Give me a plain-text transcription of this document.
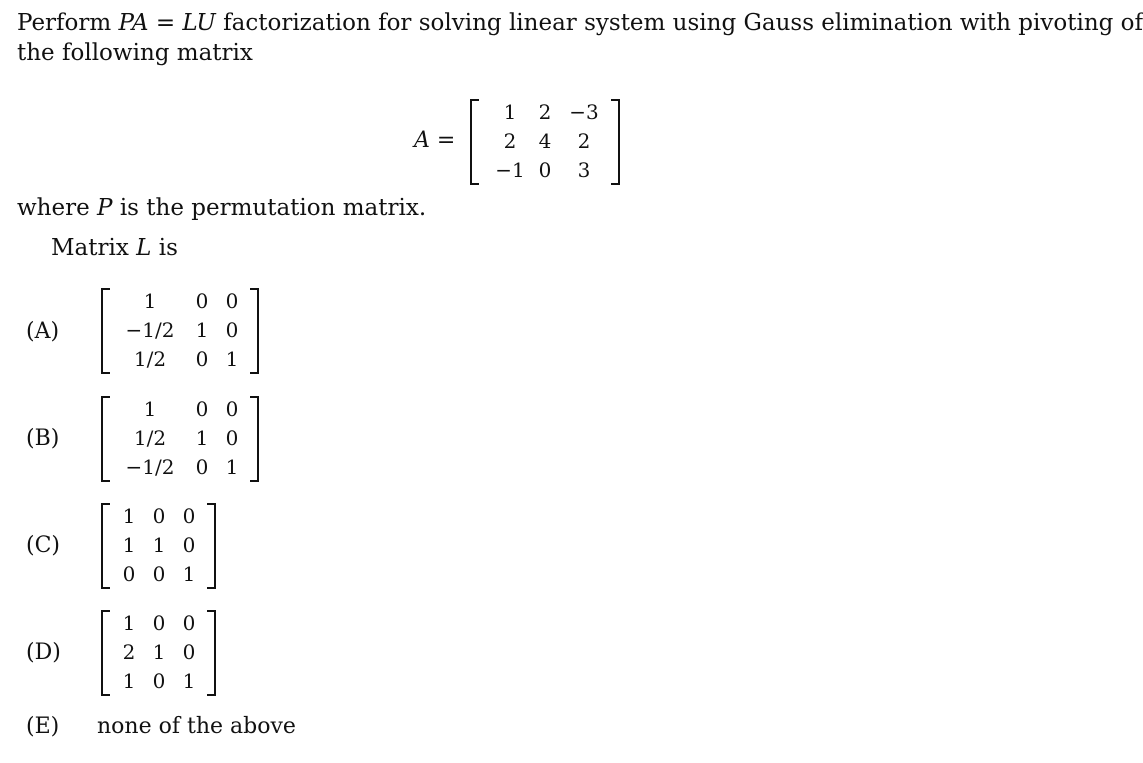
Perform PA = LU factorization for solving linear system using Gauss elimination with pivoting of
the following matrix
A =
1	2 −3
2	4	2
−1 0	3
where P is the permutation matrix.
Matrix L is
(A)
1	0 0
−1/2	1 0
1/2	0 1
(B)
1	0 0
1/2	1 0
−1/2	0 1
(C)
1 0 0
1 1 0
0 0 1
(D)
1 0 0
2 1 0
1 0 1
(E) none of the above
